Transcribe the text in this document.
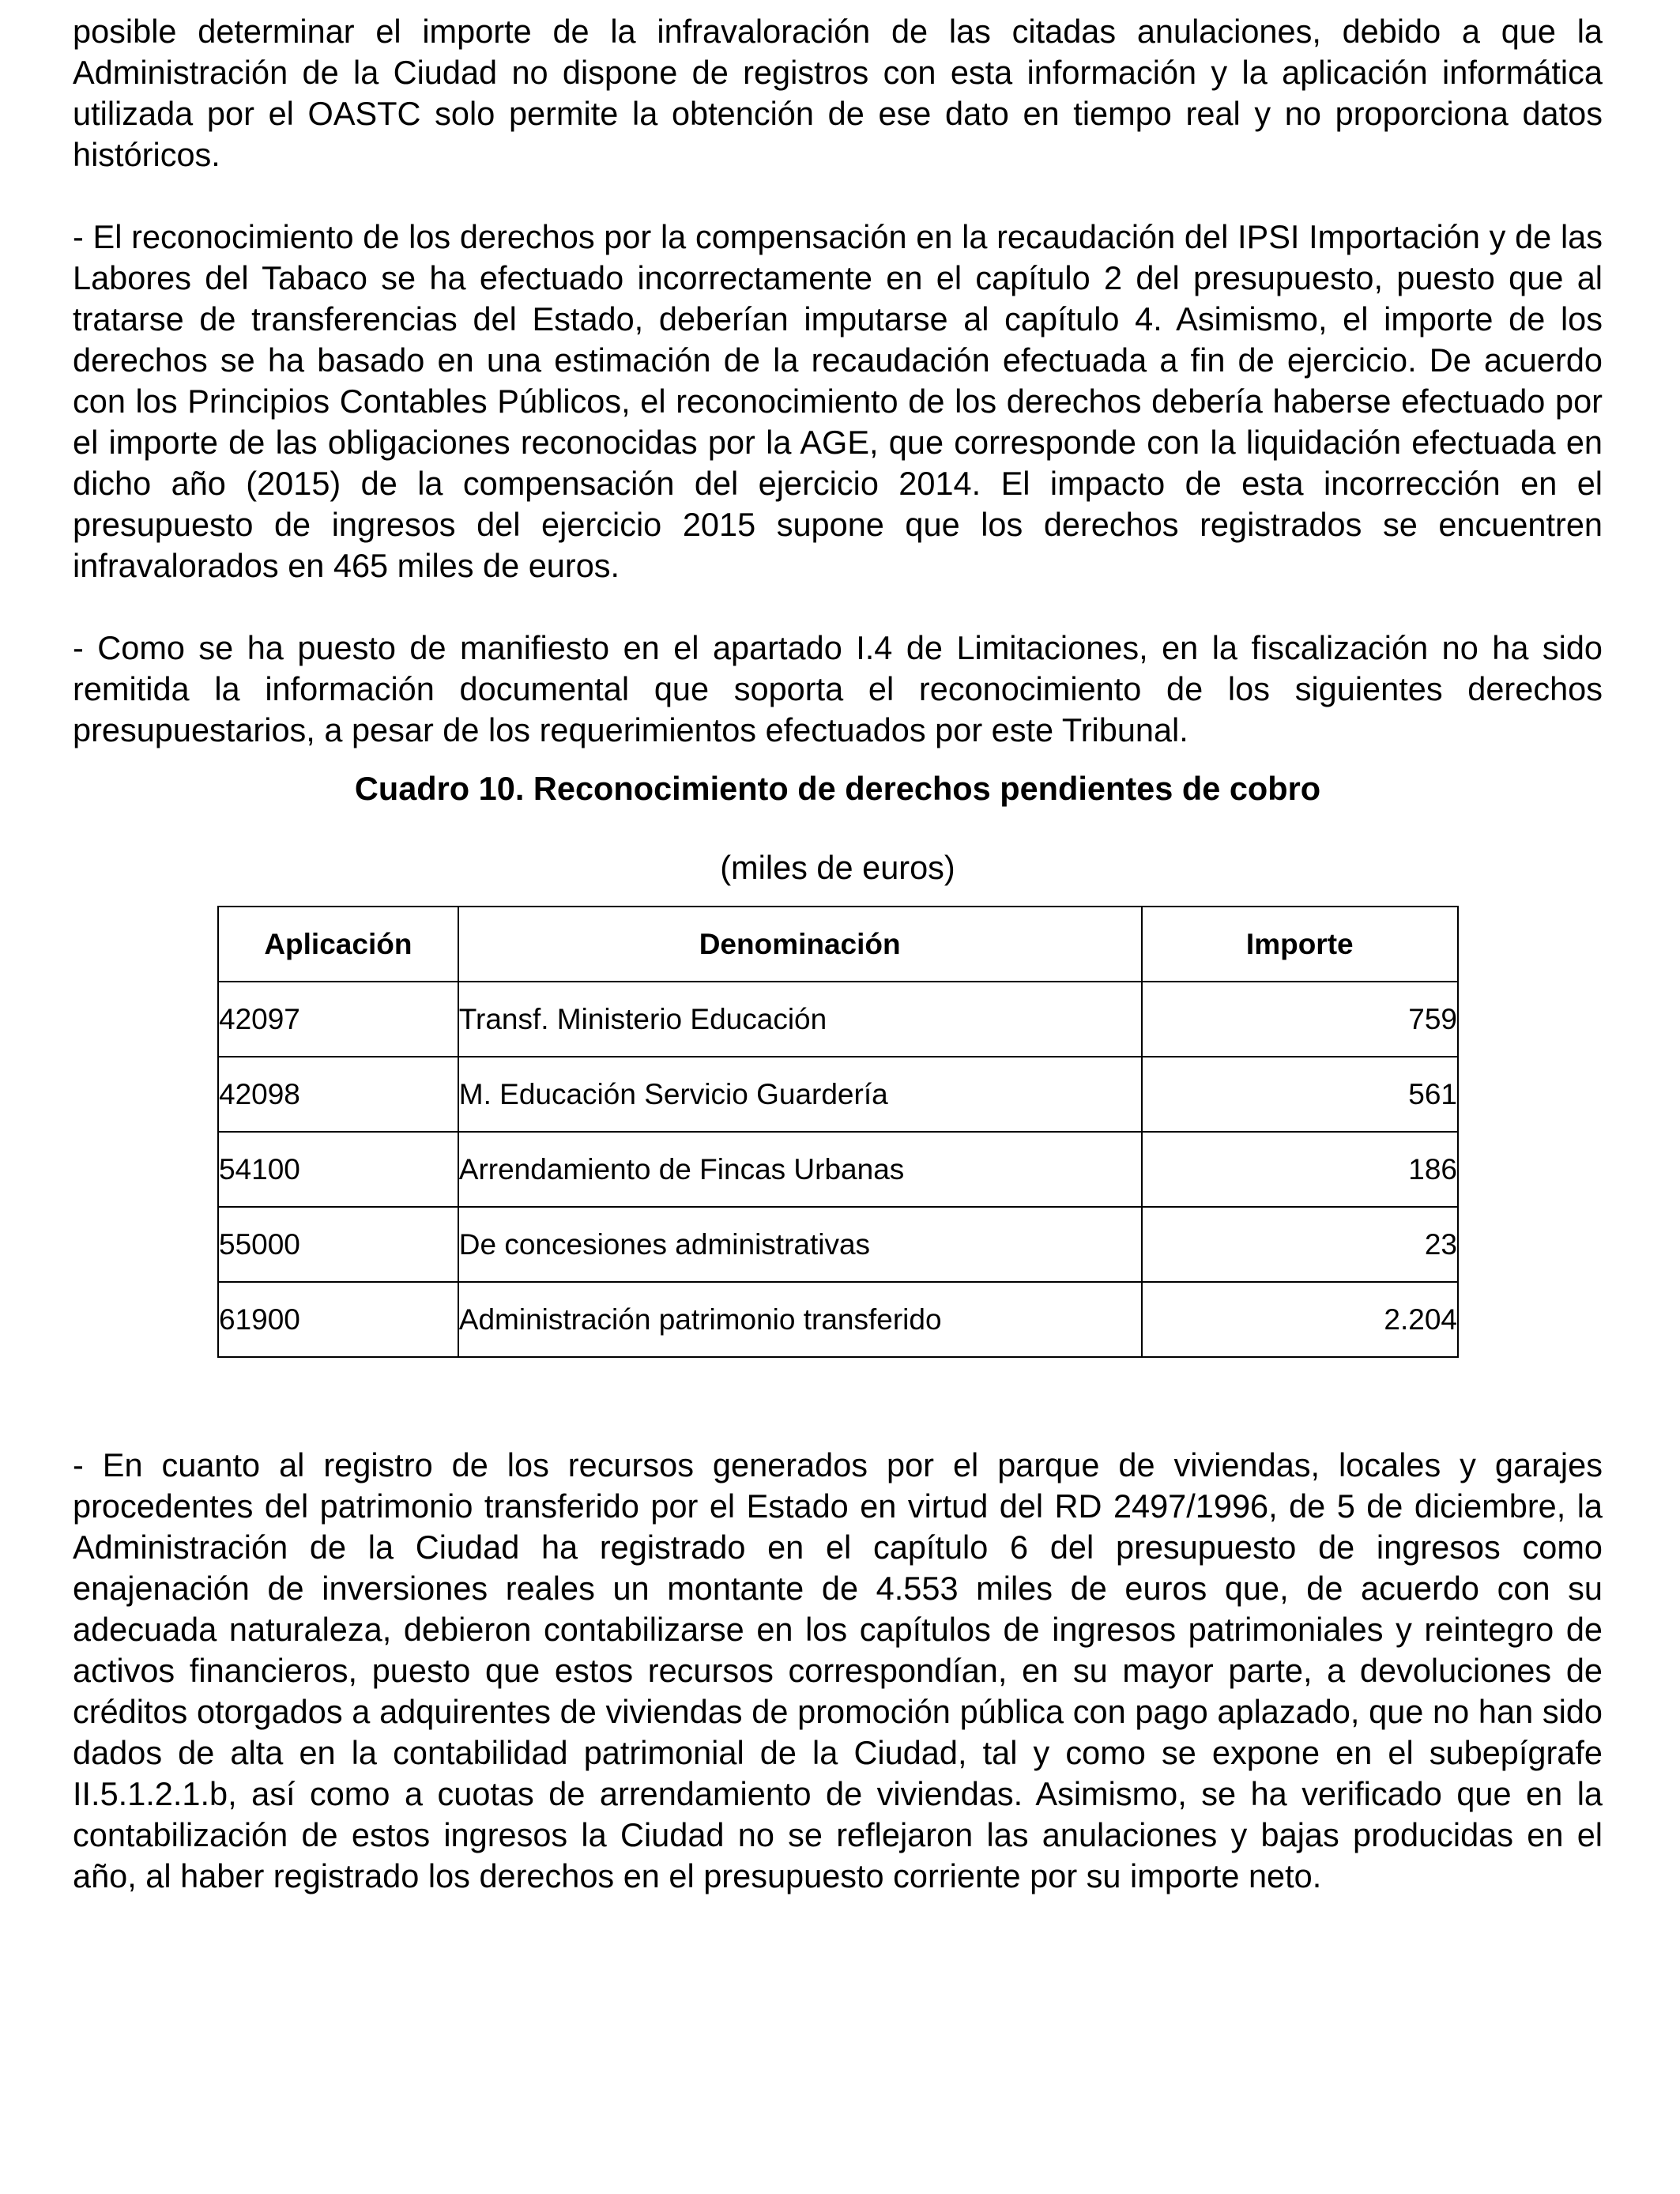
posible determinar el importe de la infravaloración de las citadas anulaciones, debido a que la Administración de la Ciudad no dispone de registros con esta información y la aplicación informática utilizada por el OASTC solo permite la obtención de ese dato en tiempo real y no proporciona datos históricos.

- El reconocimiento de los derechos por la compensación en la recaudación del IPSI Importación y de las Labores del Tabaco se ha efectuado incorrectamente en el capítulo 2 del presupuesto, puesto que al tratarse de transferencias del Estado, deberían imputarse al capítulo 4. Asimismo, el importe de los derechos se ha basado en una estimación de la recaudación efectuada a fin de ejercicio. De acuerdo con los Principios Contables Públicos, el reconocimiento de los derechos debería haberse efectuado por el importe de las obligaciones reconocidas por la AGE, que corresponde con la liquidación efectuada en dicho año (2015) de la compensación del ejercicio 2014. El impacto de esta incorrección en el presupuesto de ingresos del ejercicio 2015 supone que los derechos registrados se encuentren infravalorados en 465 miles de euros.

- Como se ha puesto de manifiesto en el apartado I.4 de Limitaciones, en la fiscalización no ha sido remitida la información documental que soporta el reconocimiento de los siguientes derechos presupuestarios, a pesar de los requerimientos efectuados por este Tribunal.

Cuadro 10. Reconocimiento de derechos pendientes de cobro

(miles de euros)

Aplicación	Denominación	Importe
42097	Transf. Ministerio Educación	759
42098	M. Educación Servicio Guardería	561
54100	Arrendamiento de Fincas Urbanas	186
55000	De concesiones administrativas	23
61900	Administración patrimonio transferido	2.204

- En cuanto al registro de los recursos generados por el parque de viviendas, locales y garajes procedentes del patrimonio transferido por el Estado en virtud del RD 2497/1996, de 5 de diciembre, la Administración de la Ciudad ha registrado en el capítulo 6 del presupuesto de ingresos como enajenación de inversiones reales un montante de 4.553 miles de euros que, de acuerdo con su adecuada naturaleza, debieron contabilizarse en los capítulos de ingresos patrimoniales y reintegro de activos financieros, puesto que estos recursos correspondían, en su mayor parte, a devoluciones de créditos otorgados a adquirentes de viviendas de promoción pública con pago aplazado, que no han sido dados de alta en la contabilidad patrimonial de la Ciudad, tal y como se expone en el subepígrafe II.5.1.2.1.b, así como a cuotas de arrendamiento de viviendas. Asimismo, se ha verificado que en la contabilización de estos ingresos la Ciudad no se reflejaron las anulaciones y bajas producidas en el año, al haber registrado los derechos en el presupuesto corriente por su importe neto.
